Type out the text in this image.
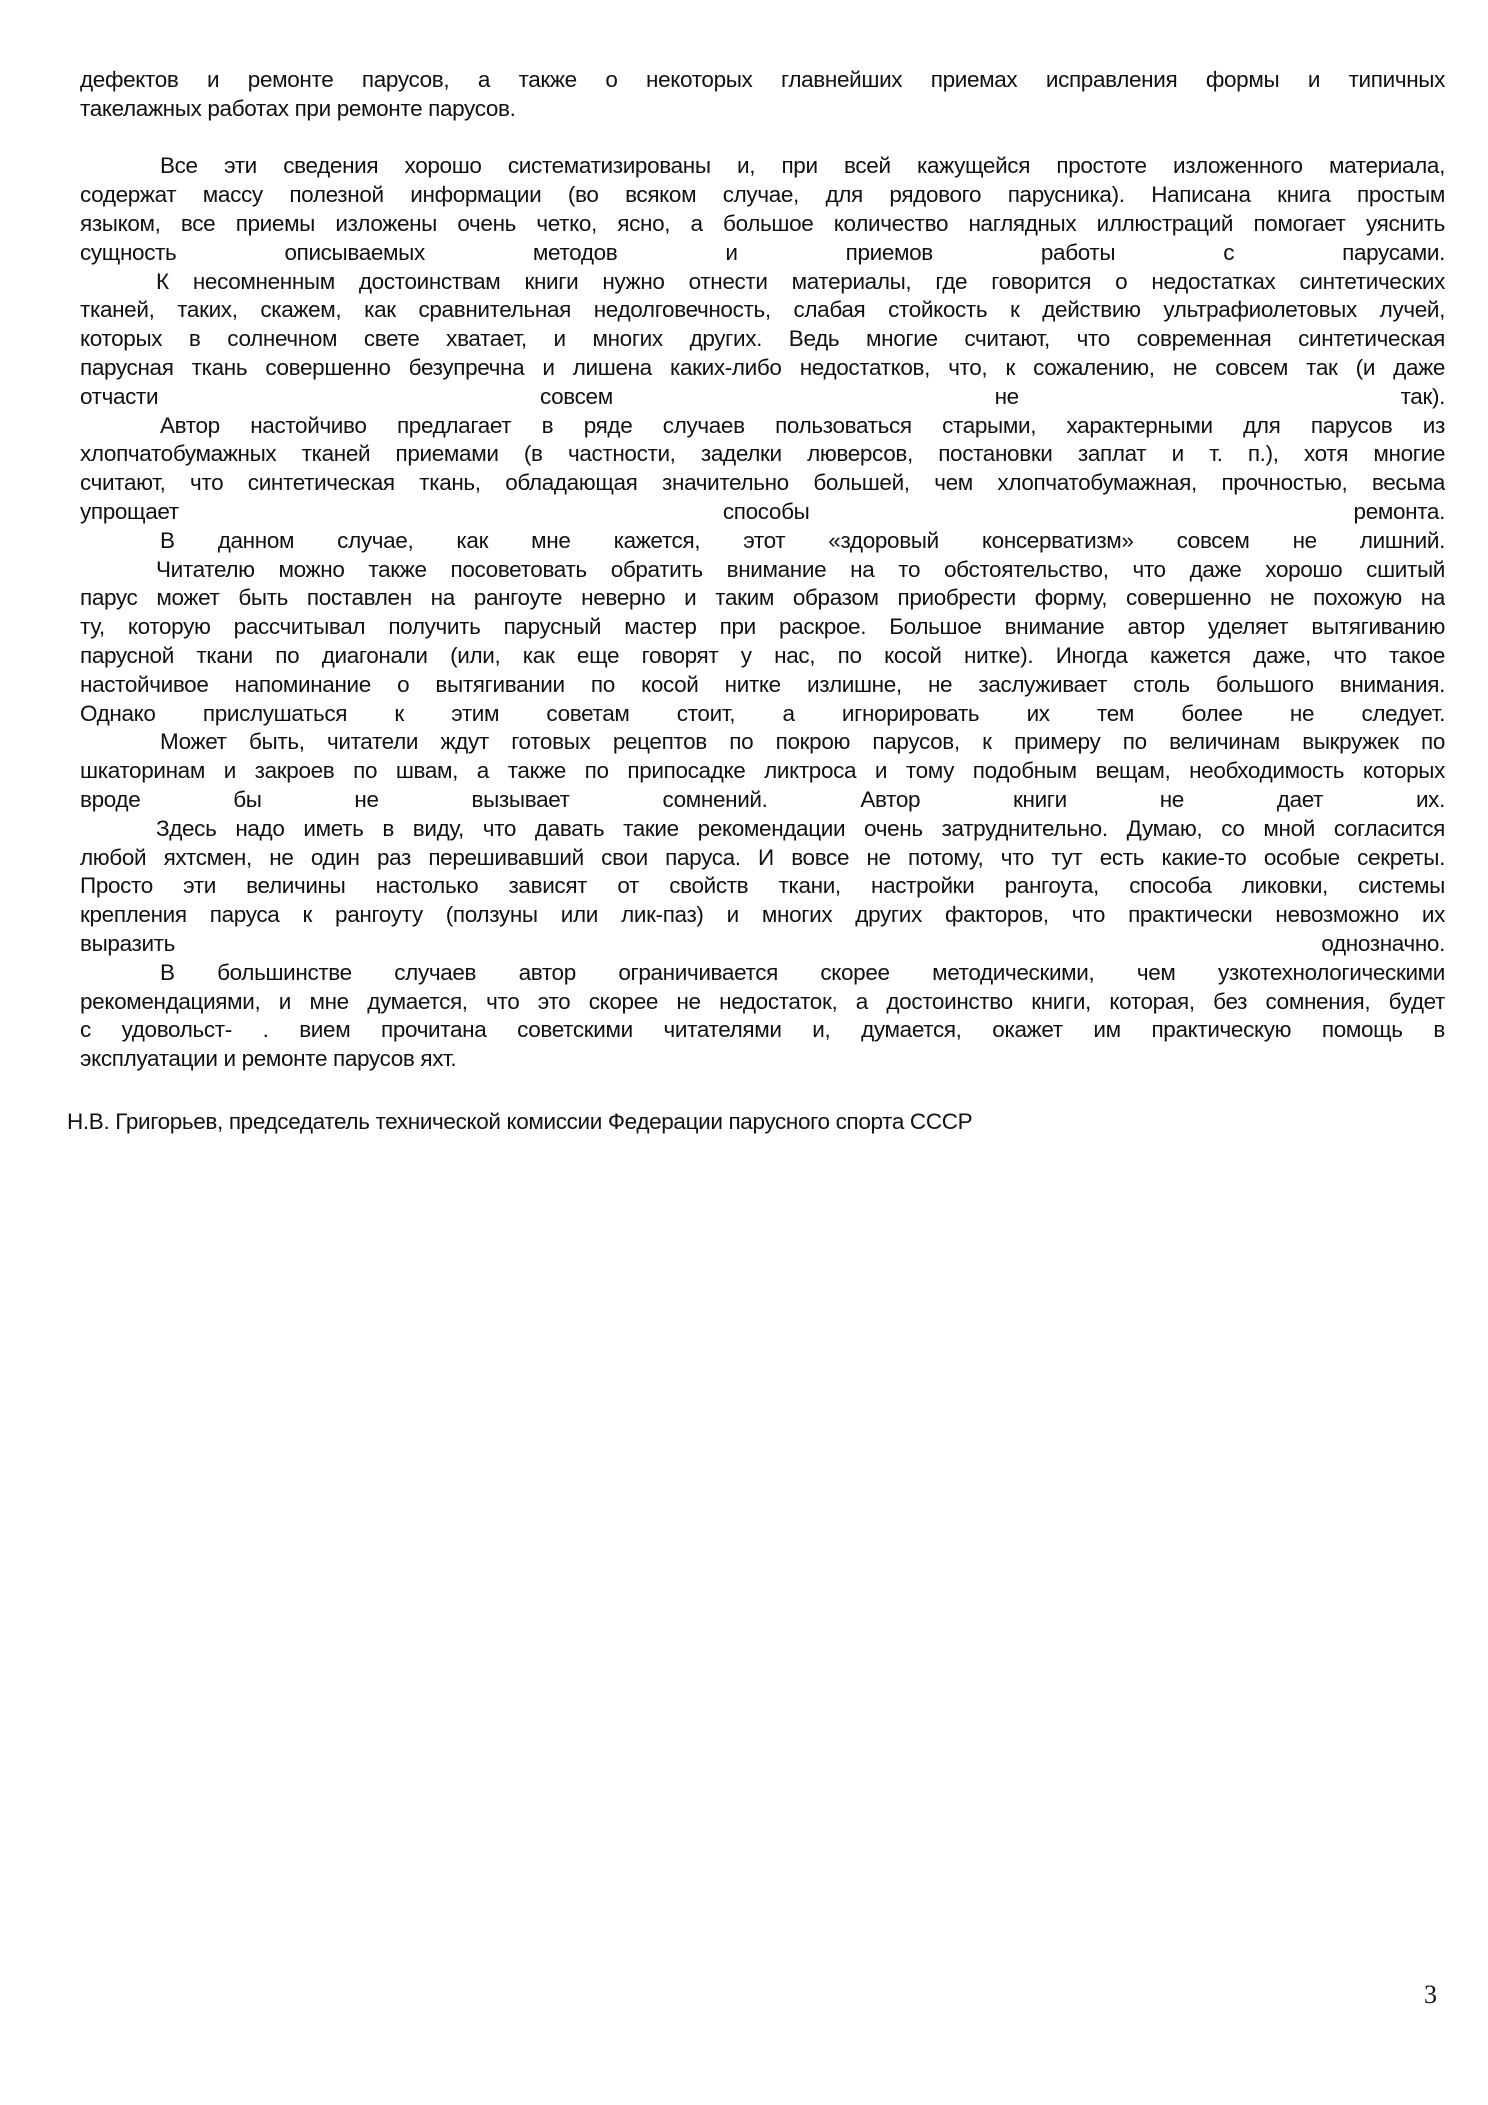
дефектов и ремонте парусов, а также о некоторых главнейших приемах исправления формы и типичных
такелажных работах при ремонте парусов.
Все эти сведения хорошо систематизированы и, при всей кажущейся простоте изложенного материала,
содержат массу полезной информации (во всяком случае, для рядового парусника). Написана книга простым
языком, все приемы изложены очень четко, ясно, а большое количество наглядных иллюстраций помогает уяснить
сущность описываемых методов и приемов работы с парусами.
К несомненным достоинствам книги нужно отнести материалы, где говорится о недостатках синтетических
тканей, таких, скажем, как сравнительная недолговечность, слабая стойкость к действию ультрафиолетовых лучей,
которых в солнечном свете хватает, и многих других. Ведь многие считают, что современная синтетическая
парусная ткань совершенно безупречна и лишена каких-либо недостатков, что, к сожалению, не совсем так (и даже
отчасти совсем не так).
Автор настойчиво предлагает в ряде случаев пользоваться старыми, характерными для парусов из
хлопчатобумажных тканей приемами (в частности, заделки люверсов, постановки заплат и т. п.), хотя многие
считают, что синтетическая ткань, обладающая значительно большей, чем хлопчатобумажная, прочностью, весьма
упрощает способы ремонта.
В данном случае, как мне кажется, этот «здоровый консерватизм» совсем не лишний.
Читателю можно также посоветовать обратить внимание на то обстоятельство, что даже хорошо сшитый
парус может быть поставлен на рангоуте неверно и таким образом приобрести форму, совершенно не похожую на
ту, которую рассчитывал получить парусный мастер при раскрое. Большое внимание автор уделяет вытягиванию
парусной ткани по диагонали (или, как еще говорят у нас, по косой нитке). Иногда кажется даже, что такое
настойчивое напоминание о вытягивании по косой нитке излишне, не заслуживает столь большого внимания.
Однако прислушаться к этим советам стоит, а игнорировать их тем более не следует.
Может быть, читатели ждут готовых рецептов по покрою парусов, к примеру по величинам выкружек по
шкаторинам и закроев по швам, а также по припосадке ликтроса и тому подобным вещам, необходимость которых
вроде бы не вызывает сомнений. Автор книги не дает их.
Здесь надо иметь в виду, что давать такие рекомендации очень затруднительно. Думаю, со мной согласится
любой яхтсмен, не один раз перешивавший свои паруса. И вовсе не потому, что тут есть какие-то особые секреты.
Просто эти величины настолько зависят от свойств ткани, настройки рангоута, способа ликовки, системы
крепления паруса к рангоуту (ползуны или лик-паз) и многих других факторов, что практически невозможно их
выразить однозначно.
В большинстве случаев автор ограничивается скорее методическими, чем узкотехнологическими
рекомендациями, и мне думается, что это скорее не недостаток, а достоинство книги, которая, без сомнения, будет
с удовольст- . вием прочитана советскими читателями и, думается, окажет им практическую помощь в
эксплуатации и ремонте парусов яхт.
Н.В. Григорьев, председатель технической комиссии Федерации парусного спорта СССР
3
